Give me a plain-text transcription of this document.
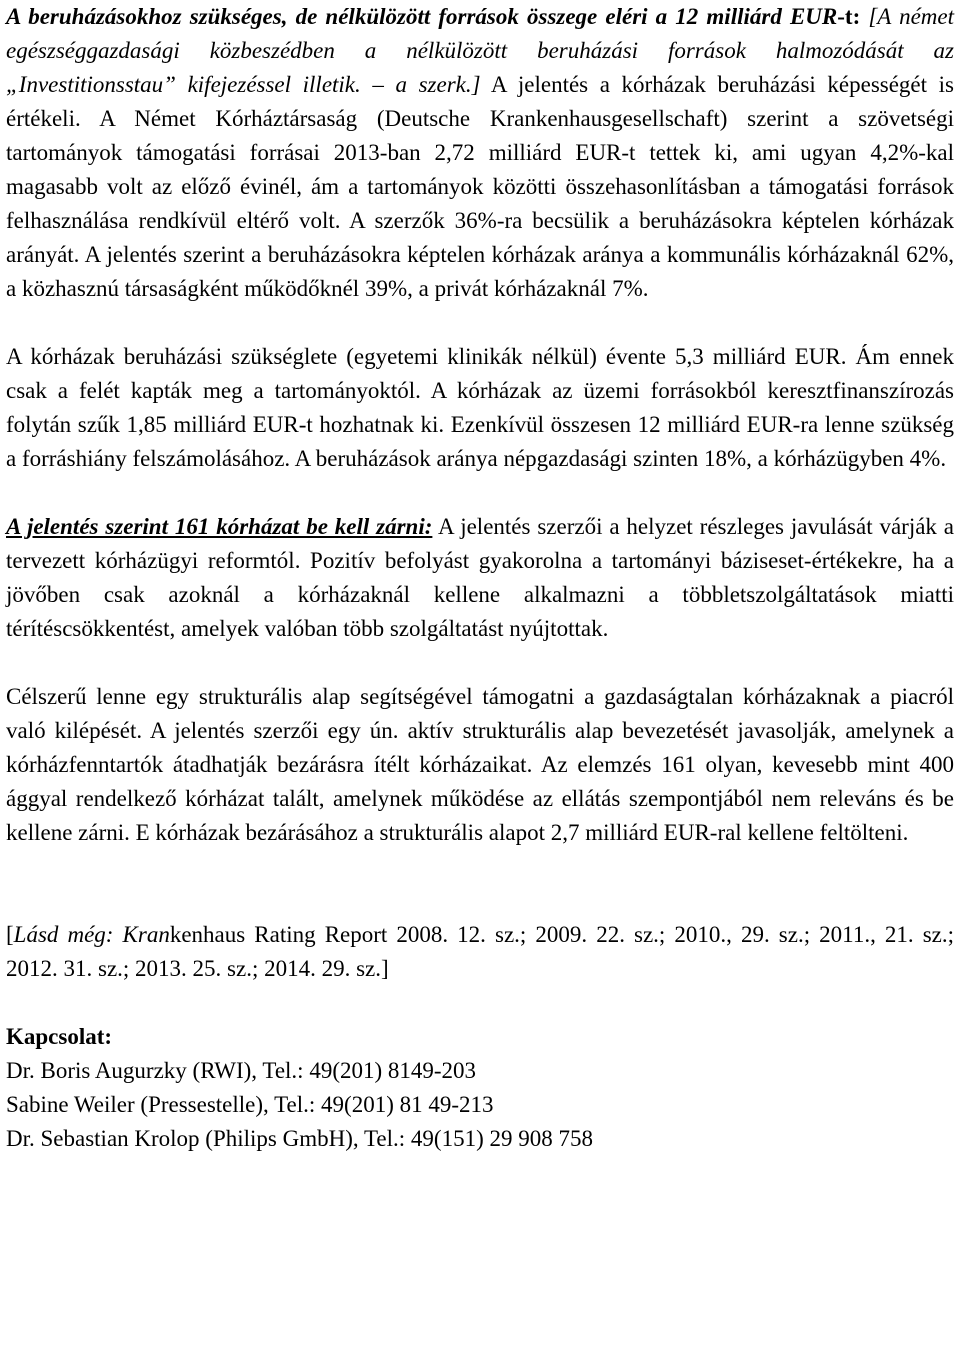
A beruházásokhoz szükséges, de nélkülözött források összege eléri a 12 milliárd EUR-t: [A német egészséggazdasági közbeszédben a nélkülözött beruházási források halmozódását az „Investitionsstau” kifejezéssel illetik. – a szerk.] A jelentés a kórházak beruházási képességét is értékeli. A Német Kórháztársaság (Deutsche Krankenhausgesellschaft) szerint a szövetségi tartományok támogatási forrásai 2013-ban 2,72 milliárd EUR-t tettek ki, ami ugyan 4,2%-kal magasabb volt az előző évinél, ám a tartományok közötti összehasonlításban a támogatási források felhasználása rendkívül eltérő volt. A szerzők 36%-ra becsülik a beruházásokra képtelen kórházak arányát. A jelentés szerint a beruházásokra képtelen kórházak aránya a kommunális kórházaknál 62%, a közhasznú társaságként működőknél 39%, a privát kórházaknál 7%.

A kórházak beruházási szükséglete (egyetemi klinikák nélkül) évente 5,3 milliárd EUR. Ám ennek csak a felét kapták meg a tartományoktól. A kórházak az üzemi forrásokból keresztfinanszírozás folytán szűk 1,85 milliárd EUR-t hozhatnak ki. Ezenkívül összesen 12 milliárd EUR-ra lenne szükség a forráshiány felszámolásához. A beruházások aránya népgazdasági szinten 18%, a kórházügyben 4%.

A jelentés szerint 161 kórházat be kell zárni: A jelentés szerzői a helyzet részleges javulását várják a tervezett kórházügyi reformtól. Pozitív befolyást gyakorolna a tartományi báziseset-értékekre, ha a jövőben csak azoknál a kórházaknál kellene alkalmazni a többletszolgáltatások miatti térítéscsökkentést, amelyek valóban több szolgáltatást nyújtottak.

Célszerű lenne egy strukturális alap segítségével támogatni a gazdaságtalan kórházaknak a piacról való kilépését. A jelentés szerzői egy ún. aktív strukturális alap bevezetését javasolják, amelynek a kórházfenntartók átadhatják bezárásra ítélt kórházaikat. Az elemzés 161 olyan, kevesebb mint 400 ággyal rendelkező kórházat talált, amelynek működése az ellátás szempontjából nem releváns és be kellene zárni. E kórházak bezárásához a strukturális alapot 2,7 milliárd EUR-ral kellene feltölteni.

[Lásd még: Krankenhaus Rating Report 2008. 12. sz.; 2009. 22. sz.; 2010., 29. sz.; 2011., 21. sz.; 2012. 31. sz.; 2013. 25. sz.; 2014. 29. sz.]

Kapcsolat:
Dr. Boris Augurzky (RWI), Tel.: 49(201) 8149-203
Sabine Weiler (Pressestelle), Tel.: 49(201) 81 49-213
Dr. Sebastian Krolop (Philips GmbH), Tel.: 49(151) 29 908 758
